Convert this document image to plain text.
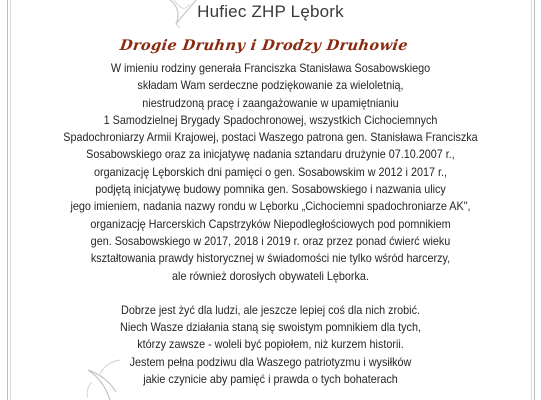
Hufiec ZHP Lębork
Drogie Druhny i Drodzy Druhowie
W imieniu rodziny generała Franciszka Stanisława Sosabowskiego
składam Wam serdeczne podziękowanie za wieloletnią,
niestrudzoną pracę i zaangażowanie w upamiętnianiu
1 Samodzielnej Brygady Spadochronowej, wszystkich Cichociemnych
Spadochroniarzy Armii Krajowej, postaci Waszego patrona gen. Stanisława Franciszka
Sosabowskiego oraz za inicjatywę nadania sztandaru drużynie 07.10.2007 r.,
organizację Lęborskich dni pamięci o gen. Sosabowskim w 2012 i 2017 r.,
podjętą inicjatywę budowy pomnika gen. Sosabowskiego i nazwania ulicy
jego imieniem, nadania nazwy rondu w Lęborku „Cichociemni spadochroniarze AK",
organizację Harcerskich Capstrzyków Niepodległościowych pod pomnikiem
gen. Sosabowskiego w 2017, 2018 i 2019 r. oraz przez ponad ćwierć wieku
kształtowania prawdy historycznej w świadomości nie tylko wśród harcerzy,
ale również dorosłych obywateli Lęborka.
Dobrze jest żyć dla ludzi, ale jeszcze lepiej coś dla nich zrobić.
Niech Wasze działania staną się swoistym pomnikiem dla tych,
którzy zawsze - woleli być popiołem, niż kurzem historii.
Jestem pełna podziwu dla Waszego patriotyzmu i wysiłków
jakie czynicie aby pamięć i prawda o tych bohaterach
